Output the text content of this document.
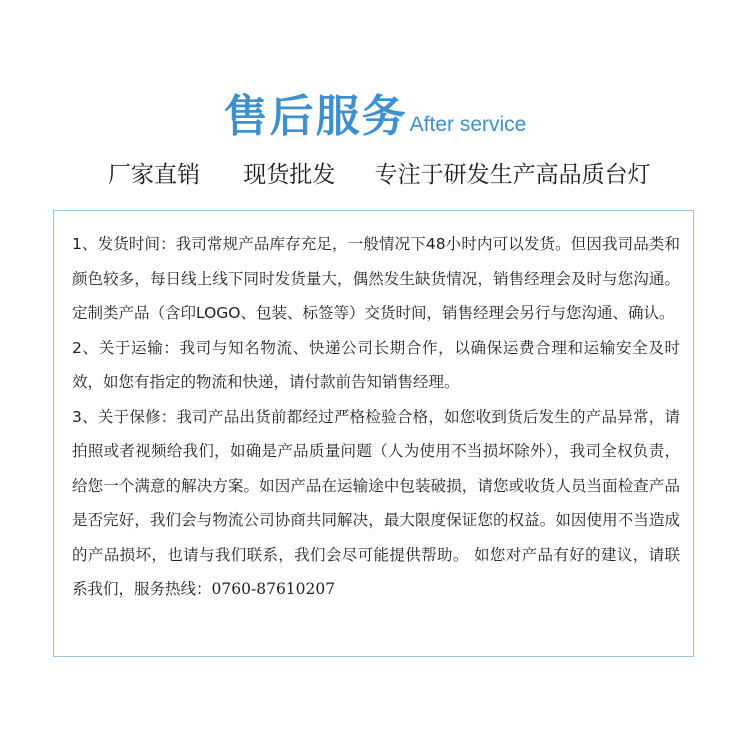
售后服务After service
厂家直销 现货批发 专注于研发生产高品质台灯

1、发货时间：我司常规产品库存充足，一般情况下48小时内可以发货。但因我司品类和颜色较多，每日线上线下同时发货量大，偶然发生缺货情况，销售经理会及时与您沟通。定制类产品（含印LOGO、包装、标签等）交货时间，销售经理会另行与您沟通、确认。

2、关于运输：我司与知名物流、快递公司长期合作，以确保运费合理和运输安全及时效，如您有指定的物流和快递，请付款前告知销售经理。

3、关于保修：我司产品出货前都经过严格检验合格，如您收到货后发生的产品异常，请拍照或者视频给我们，如确是产品质量问题（人为使用不当损坏除外），我司全权负责，给您一个满意的解决方案。如因产品在运输途中包装破损，请您或收货人员当面检查产品是否完好，我们会与物流公司协商共同解决，最大限度保证您的权益。如因使用不当造成的产品损坏，也请与我们联系，我们会尽可能提供帮助。 如您对产品有好的建议，请联系我们，服务热线：0760-87610207
